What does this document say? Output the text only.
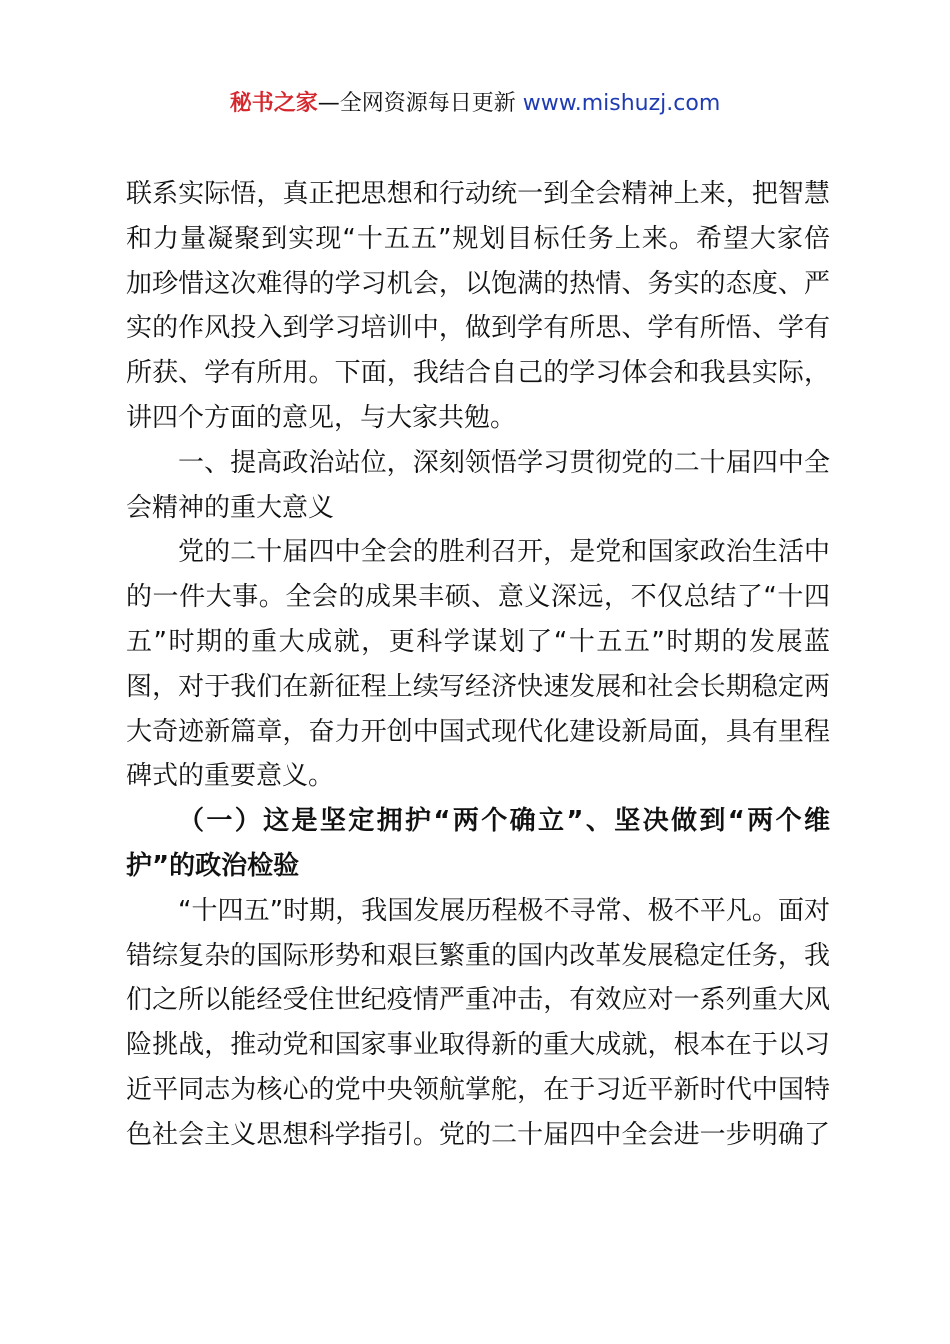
秘书之家—全网资源每日更新 www.mishuzj.com
联系实际悟，真正把思想和行动统一到全会精神上来，把智慧
和力量凝聚到实现“十五五”规划目标任务上来。希望大家倍
加珍惜这次难得的学习机会，以饱满的热情、务实的态度、严
实的作风投入到学习培训中，做到学有所思、学有所悟、学有
所获、学有所用。下面，我结合自己的学习体会和我县实际，
讲四个方面的意见，与大家共勉。
一、提高政治站位，深刻领悟学习贯彻党的二十届四中全
会精神的重大意义
党的二十届四中全会的胜利召开，是党和国家政治生活中
的一件大事。全会的成果丰硕、意义深远，不仅总结了“十四
五”时期的重大成就，更科学谋划了“十五五”时期的发展蓝
图，对于我们在新征程上续写经济快速发展和社会长期稳定两
大奇迹新篇章，奋力开创中国式现代化建设新局面，具有里程
碑式的重要意义。
（一）这是坚定拥护“两个确立”、坚决做到“两个维
护”的政治检验
“十四五”时期，我国发展历程极不寻常、极不平凡。面对
错综复杂的国际形势和艰巨繁重的国内改革发展稳定任务，我
们之所以能经受住世纪疫情严重冲击，有效应对一系列重大风
险挑战，推动党和国家事业取得新的重大成就，根本在于以习
近平同志为核心的党中央领航掌舵，在于习近平新时代中国特
色社会主义思想科学指引。党的二十届四中全会进一步明确了
